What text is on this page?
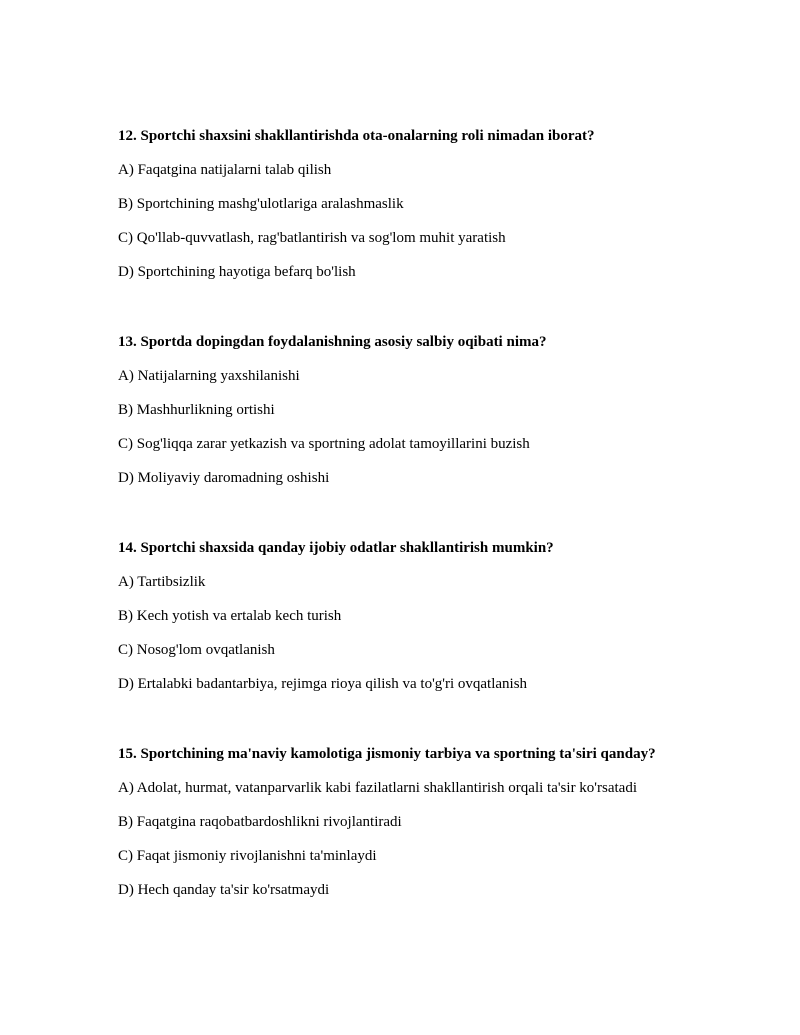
12. Sportchi shaxsini shakllantirishda ota-onalarning roli nimadan iborat?
A) Faqatgina natijalarni talab qilish
B) Sportchining mashg'ulotlariga aralashmaslik
C) Qo'llab-quvvatlash, rag'batlantirish va sog'lom muhit yaratish
D) Sportchining hayotiga befarq bo'lish
13. Sportda dopingdan foydalanishning asosiy salbiy oqibati nima?
A) Natijalarning yaxshilanishi
B) Mashhurlikning ortishi
C) Sog'liqqa zarar yetkazish va sportning adolat tamoyillarini buzish
D) Moliyaviy daromadning oshishi
14. Sportchi shaxsida qanday ijobiy odatlar shakllantirish mumkin?
A) Tartibsizlik
B) Kech yotish va ertalab kech turish
C) Nosog'lom ovqatlanish
D) Ertalabki badantarbiya, rejimga rioya qilish va to'g'ri ovqatlanish
15. Sportchining ma'naviy kamolotiga jismoniy tarbiya va sportning ta'siri qanday?
A) Adolat, hurmat, vatanparvarlik kabi fazilatlarni shakllantirish orqali ta'sir ko'rsatadi
B) Faqatgina raqobatbardoshlikni rivojlantiradi
C) Faqat jismoniy rivojlanishni ta'minlaydi
D) Hech qanday ta'sir ko'rsatmaydi
